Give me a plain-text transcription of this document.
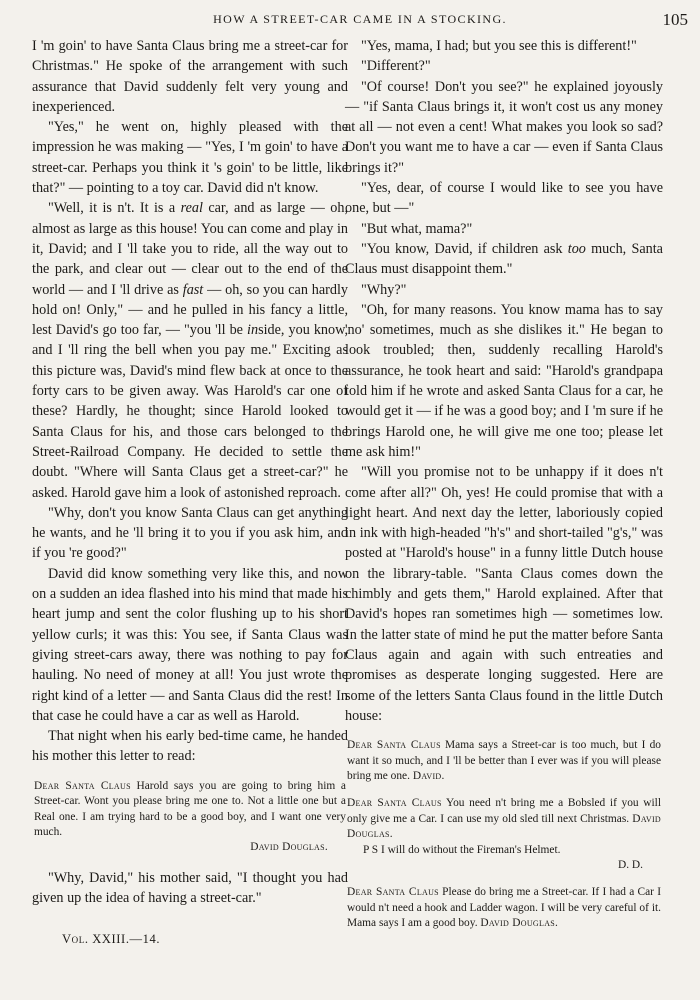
HOW A STREET-CAR CAME IN A STOCKING.	105

I 'm goin' to have Santa Claus bring me a street-car for Christmas." He spoke of the arrangement with such assurance that David suddenly felt very young and inexperienced.

"Yes," he went on, highly pleased with the impression he was making — "Yes, I 'm goin' to have a street-car. Perhaps you think it 's goin' to be little, like that?" — pointing to a toy car. David did n't know.

"Well, it is n't. It is a real car, and as large — oh, almost as large as this house! You can come and play in it, David; and I 'll take you to ride, all the way out to the park, and clear out — clear out to the end of the world — and I 'll drive as fast — oh, so you can hardly hold on! Only," — and he pulled in his fancy a little, lest David's go too far, — "you 'll be inside, you know, and I 'll ring the bell when you pay me." Exciting as this picture was, David's mind flew back at once to the forty cars to be given away. Was Harold's car one of these? Hardly, he thought; since Harold looked to Santa Claus for his, and those cars belonged to the Street-Railroad Company. He decided to settle the doubt. "Where will Santa Claus get a street-car?" he asked. Harold gave him a look of astonished reproach.

"Why, don't you know Santa Claus can get anything he wants, and he 'll bring it to you if you ask him, and if you 're good?"

David did know something very like this, and now on a sudden an idea flashed into his mind that made his heart jump and sent the color flushing up to his short yellow curls; it was this: You see, if Santa Claus was giving street-cars away, there was nothing to pay for hauling. No need of money at all! You just wrote the right kind of a letter — and Santa Claus did the rest! In that case he could have a car as well as Harold.

That night when his early bed-time came, he handed his mother this letter to read:

Dear Santa Claus Harold says you are going to bring him a Street-car. Wont you please bring me one to. Not a little one but a Real one. I am trying hard to be a good boy, and I want one very much.

David Douglas.

"Why, David," his mother said, "I thought you had given up the idea of having a street-car."

Vol. XXIII.—14.

"Yes, mama, I had; but you see this is different!"

"Different?"

"Of course! Don't you see?" he explained joyously — "if Santa Claus brings it, it won't cost us any money at all — not even a cent! What makes you look so sad? Don't you want me to have a car — even if Santa Claus brings it?"

"Yes, dear, of course I would like to see you have one, but —"

"But what, mama?"

"You know, David, if children ask too much, Santa Claus must disappoint them."

"Why?"

"Oh, for many reasons. You know mama has to say 'no' sometimes, much as she dislikes it." He began to look troubled; then, suddenly recalling Harold's assurance, he took heart and said: "Harold's grandpapa told him if he wrote and asked Santa Claus for a car, he would get it — if he was a good boy; and I 'm sure if he brings Harold one, he will give me one too; please let me ask him!"

"Will you promise not to be unhappy if it does n't come after all?" Oh, yes! He could promise that with a light heart. And next day the letter, laboriously copied in ink with high-headed "h's" and short-tailed "g's," was posted at "Harold's house" in a funny little Dutch house on the library-table. "Santa Claus comes down the chimbly and gets them," Harold explained. After that David's hopes ran sometimes high — sometimes low. In the latter state of mind he put the matter before Santa Claus again and again with such entreaties and promises as desperate longing suggested. Here are some of the letters Santa Claus found in the little Dutch house:

Dear Santa Claus Mama says a Street-car is too much, but I do want it so much, and I 'll be better than I ever was if you will please bring me one. David.

Dear Santa Claus You need n't bring me a Bobsled if you will only give me a Car. I can use my old sled till next Christmas. David Douglas.

P S I will do without the Fireman's Helmet.

D. D.

Dear Santa Claus Please do bring me a Street-car. If I had a Car I would n't need a hook and Ladder wagon. I will be very careful of it. Mama says I am a good boy. David Douglas.
